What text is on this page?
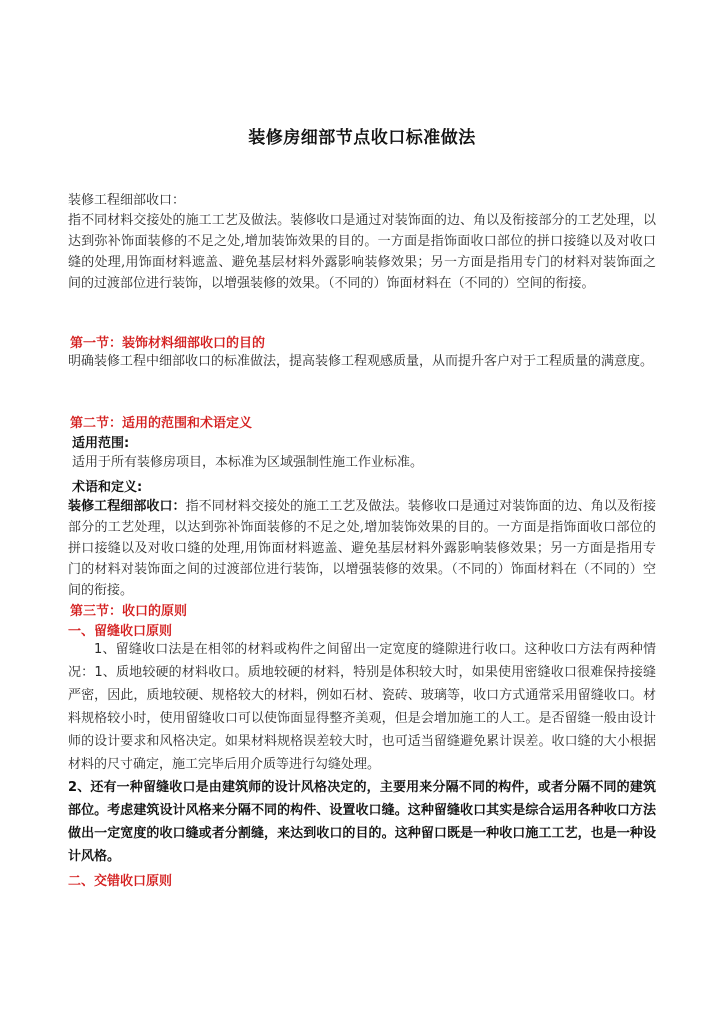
装修房细部节点收口标准做法

装修工程细部收口：

指不同材料交接处的施工工艺及做法。装修收口是通过对装饰面的边、角以及衔接部分的工艺处理，以达到弥补饰面装修的不足之处,增加装饰效果的目的。一方面是指饰面收口部位的拼口接缝以及对收口缝的处理,用饰面材料遮盖、避免基层材料外露影响装修效果；另一方面是指用专门的材料对装饰面之间的过渡部位进行装饰，以增强装修的效果。（不同的）饰面材料在（不同的）空间的衔接。

第一节：装饰材料细部收口的目的

明确装修工程中细部收口的标准做法，提高装修工程观感质量，从而提升客户对于工程质量的满意度。

第二节：适用的范围和术语定义

适用范围:

适用于所有装修房项目，本标准为区域强制性施工作业标准。

术语和定义:

装修工程细部收口：指不同材料交接处的施工工艺及做法。装修收口是通过对装饰面的边、角以及衔接部分的工艺处理，以达到弥补饰面装修的不足之处,增加装饰效果的目的。一方面是指饰面收口部位的拼口接缝以及对收口缝的处理,用饰面材料遮盖、避免基层材料外露影响装修效果；另一方面是指用专门的材料对装饰面之间的过渡部位进行装饰，以增强装修的效果。（不同的）饰面材料在（不同的）空间的衔接。

第三节：收口的原则

一、留缝收口原则

1、留缝收口法是在相邻的材料或构件之间留出一定宽度的缝隙进行收口。这种收口方法有两种情况：1、质地较硬的材料收口。质地较硬的材料，特别是体积较大时，如果使用密缝收口很难保持接缝严密，因此，质地较硬、规格较大的材料，例如石材、瓷砖、玻璃等，收口方式通常采用留缝收口。材料规格较小时，使用留缝收口可以使饰面显得整齐美观，但是会增加施工的人工。是否留缝一般由设计师的设计要求和风格决定。如果材料规格误差较大时，也可适当留缝避免累计误差。收口缝的大小根据材料的尺寸确定，施工完毕后用介质等进行勾缝处理。

2、还有一种留缝收口是由建筑师的设计风格决定的，主要用来分隔不同的构件，或者分隔不同的建筑部位。考虑建筑设计风格来分隔不同的构件、设置收口缝。这种留缝收口其实是综合运用各种收口方法做出一定宽度的收口缝或者分割缝，来达到收口的目的。这种留口既是一种收口施工工艺，也是一种设计风格。

二、交错收口原则
